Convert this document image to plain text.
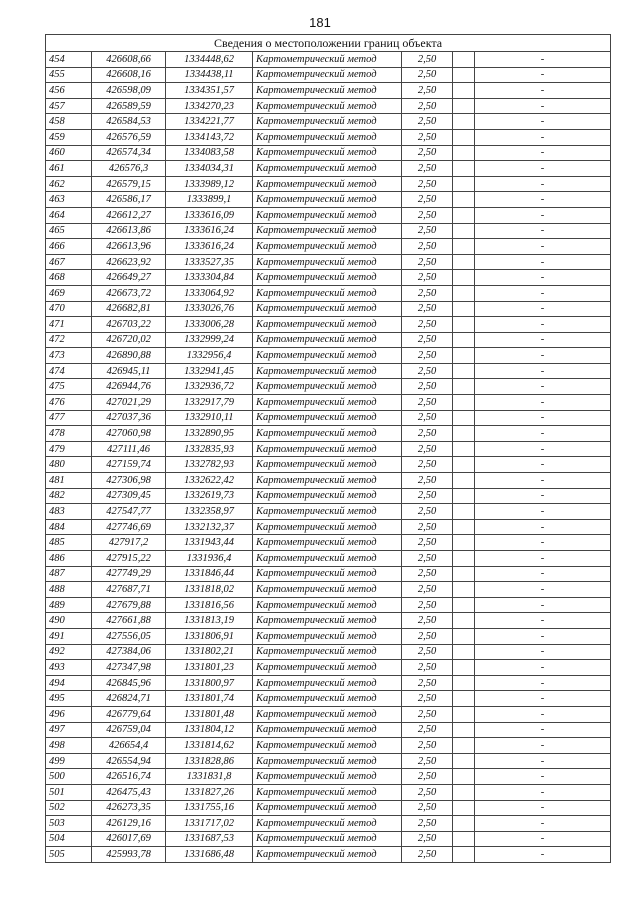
181
Сведения о местоположении границ объекта						
454	426608,66	1334448,62	Картометрический метод	2,50		-
455	426608,16	1334438,11	Картометрический метод	2,50		-
456	426598,09	1334351,57	Картометрический метод	2,50		-
457	426589,59	1334270,23	Картометрический метод	2,50		-
458	426584,53	1334221,77	Картометрический метод	2,50		-
459	426576,59	1334143,72	Картометрический метод	2,50		-
460	426574,34	1334083,58	Картометрический метод	2,50		-
461	426576,3	1334034,31	Картометрический метод	2,50		-
462	426579,15	1333989,12	Картометрический метод	2,50		-
463	426586,17	1333899,1	Картометрический метод	2,50		-
464	426612,27	1333616,09	Картометрический метод	2,50		-
465	426613,86	1333616,24	Картометрический метод	2,50		-
466	426613,96	1333616,24	Картометрический метод	2,50		-
467	426623,92	1333527,35	Картометрический метод	2,50		-
468	426649,27	1333304,84	Картометрический метод	2,50		-
469	426673,72	1333064,92	Картометрический метод	2,50		-
470	426682,81	1333026,76	Картометрический метод	2,50		-
471	426703,22	1333006,28	Картометрический метод	2,50		-
472	426720,02	1332999,24	Картометрический метод	2,50		-
473	426890,88	1332956,4	Картометрический метод	2,50		-
474	426945,11	1332941,45	Картометрический метод	2,50		-
475	426944,76	1332936,72	Картометрический метод	2,50		-
476	427021,29	1332917,79	Картометрический метод	2,50		-
477	427037,36	1332910,11	Картометрический метод	2,50		-
478	427060,98	1332890,95	Картометрический метод	2,50		-
479	427111,46	1332835,93	Картометрический метод	2,50		-
480	427159,74	1332782,93	Картометрический метод	2,50		-
481	427306,98	1332622,42	Картометрический метод	2,50		-
482	427309,45	1332619,73	Картометрический метод	2,50		-
483	427547,77	1332358,97	Картометрический метод	2,50		-
484	427746,69	1332132,37	Картометрический метод	2,50		-
485	427917,2	1331943,44	Картометрический метод	2,50		-
486	427915,22	1331936,4	Картометрический метод	2,50		-
487	427749,29	1331846,44	Картометрический метод	2,50		-
488	427687,71	1331818,02	Картометрический метод	2,50		-
489	427679,88	1331816,56	Картометрический метод	2,50		-
490	427661,88	1331813,19	Картометрический метод	2,50		-
491	427556,05	1331806,91	Картометрический метод	2,50		-
492	427384,06	1331802,21	Картометрический метод	2,50		-
493	427347,98	1331801,23	Картометрический метод	2,50		-
494	426845,96	1331800,97	Картометрический метод	2,50		-
495	426824,71	1331801,74	Картометрический метод	2,50		-
496	426779,64	1331801,48	Картометрический метод	2,50		-
497	426759,04	1331804,12	Картометрический метод	2,50		-
498	426654,4	1331814,62	Картометрический метод	2,50		-
499	426554,94	1331828,86	Картометрический метод	2,50		-
500	426516,74	1331831,8	Картометрический метод	2,50		-
501	426475,43	1331827,26	Картометрический метод	2,50		-
502	426273,35	1331755,16	Картометрический метод	2,50		-
503	426129,16	1331717,02	Картометрический метод	2,50		-
504	426017,69	1331687,53	Картометрический метод	2,50		-
505	425993,78	1331686,48	Картометрический метод	2,50		-
